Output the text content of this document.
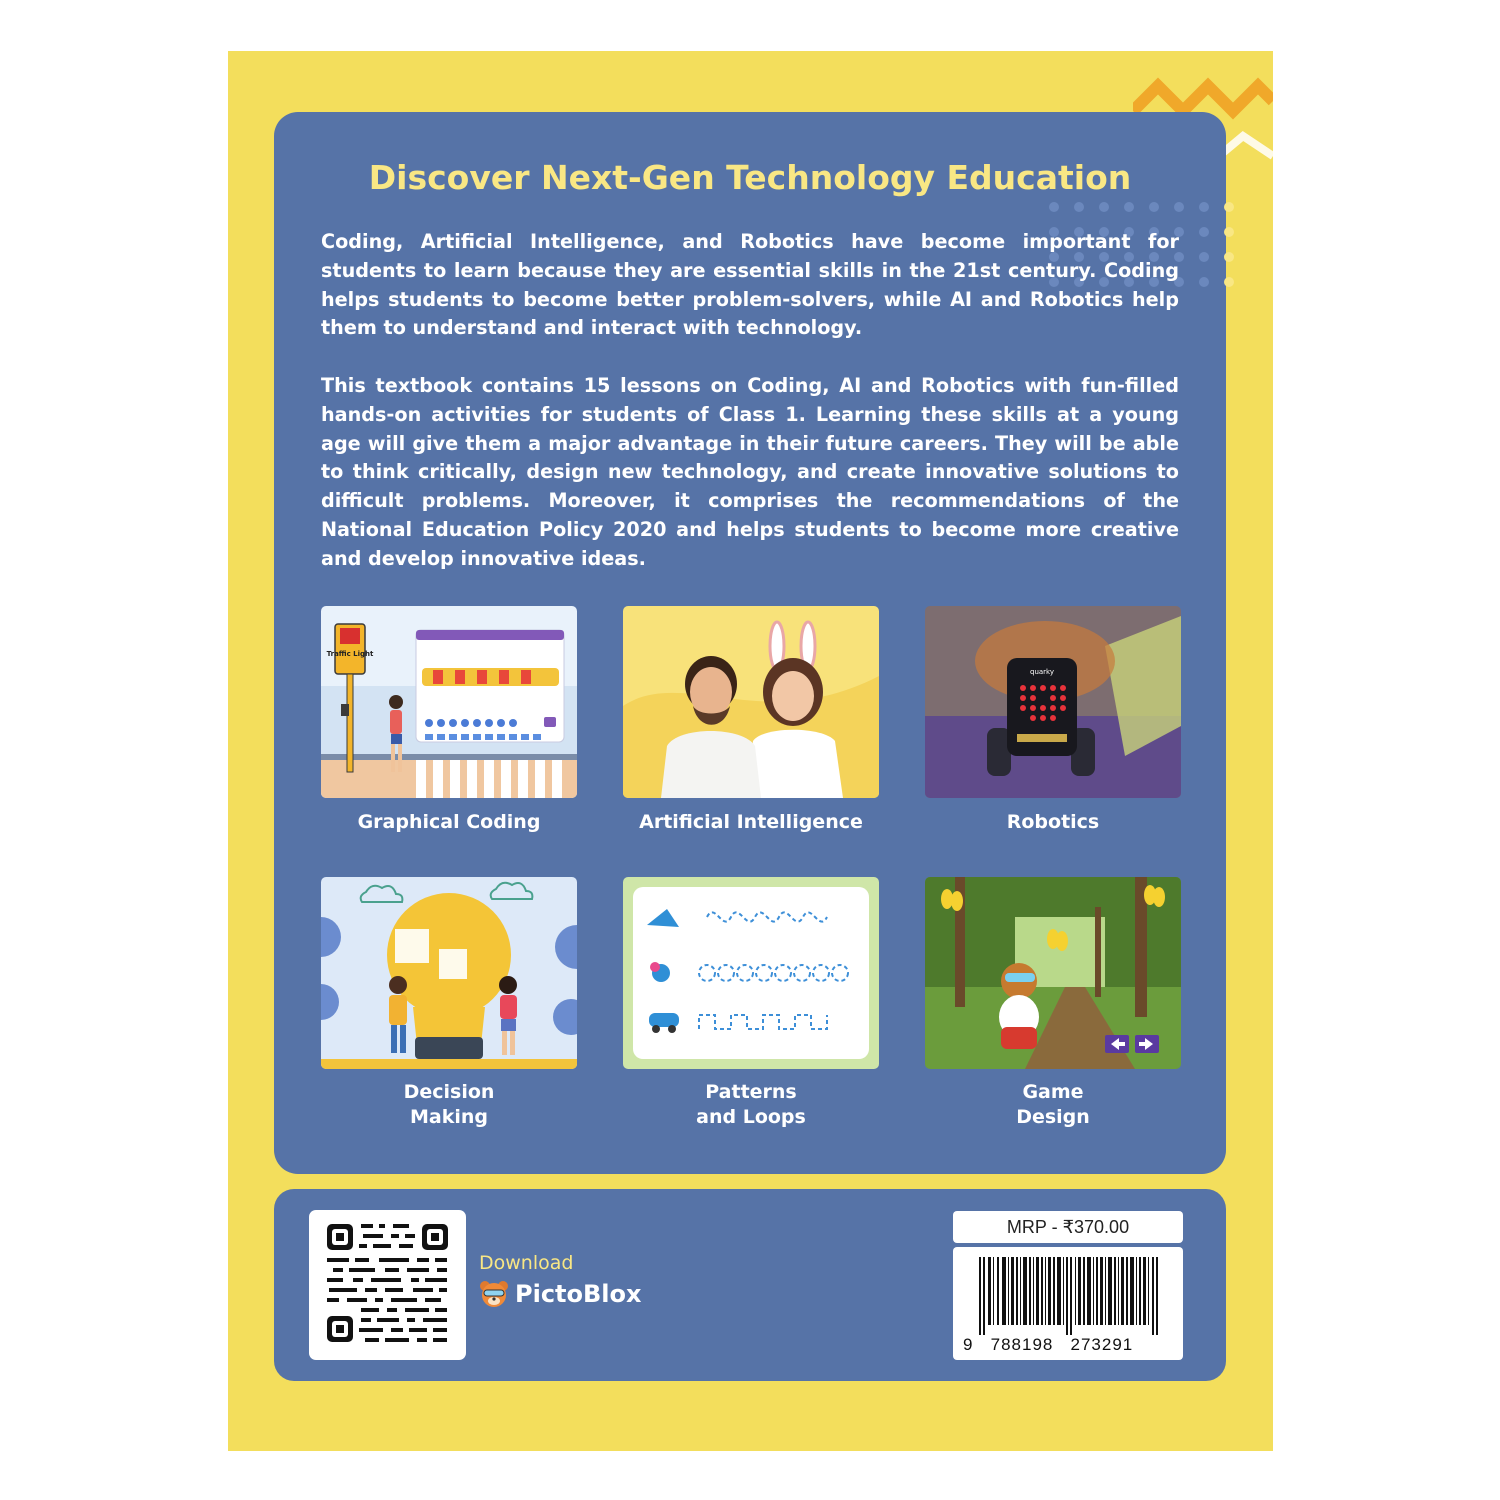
Discover Next-Gen Technology Education

Coding, Artificial Intelligence, and Robotics have become important for students to learn because they are essential skills in the 21st century. Coding helps students to become better problem-solvers, while AI and Robotics help them to understand and interact with technology.

This textbook contains 15 lessons on Coding, AI and Robotics with fun-filled hands-on activities for students of Class 1. Learning these skills at a young age will give them a major advantage in their future careers. They will be able to think critically, design new technology, and create innovative solutions to difficult problems. Moreover, it comprises the recommendations of the National Education Policy 2020 and helps students to become more creative and develop innovative ideas.

Traffic Light
quarky
Graphical Coding	Artificial Intelligence	Robotics
Decision
Making
Patterns
and Loops
Game
Design
Download
PictoBlox
MRP - ₹370.00
9   788198   273291
